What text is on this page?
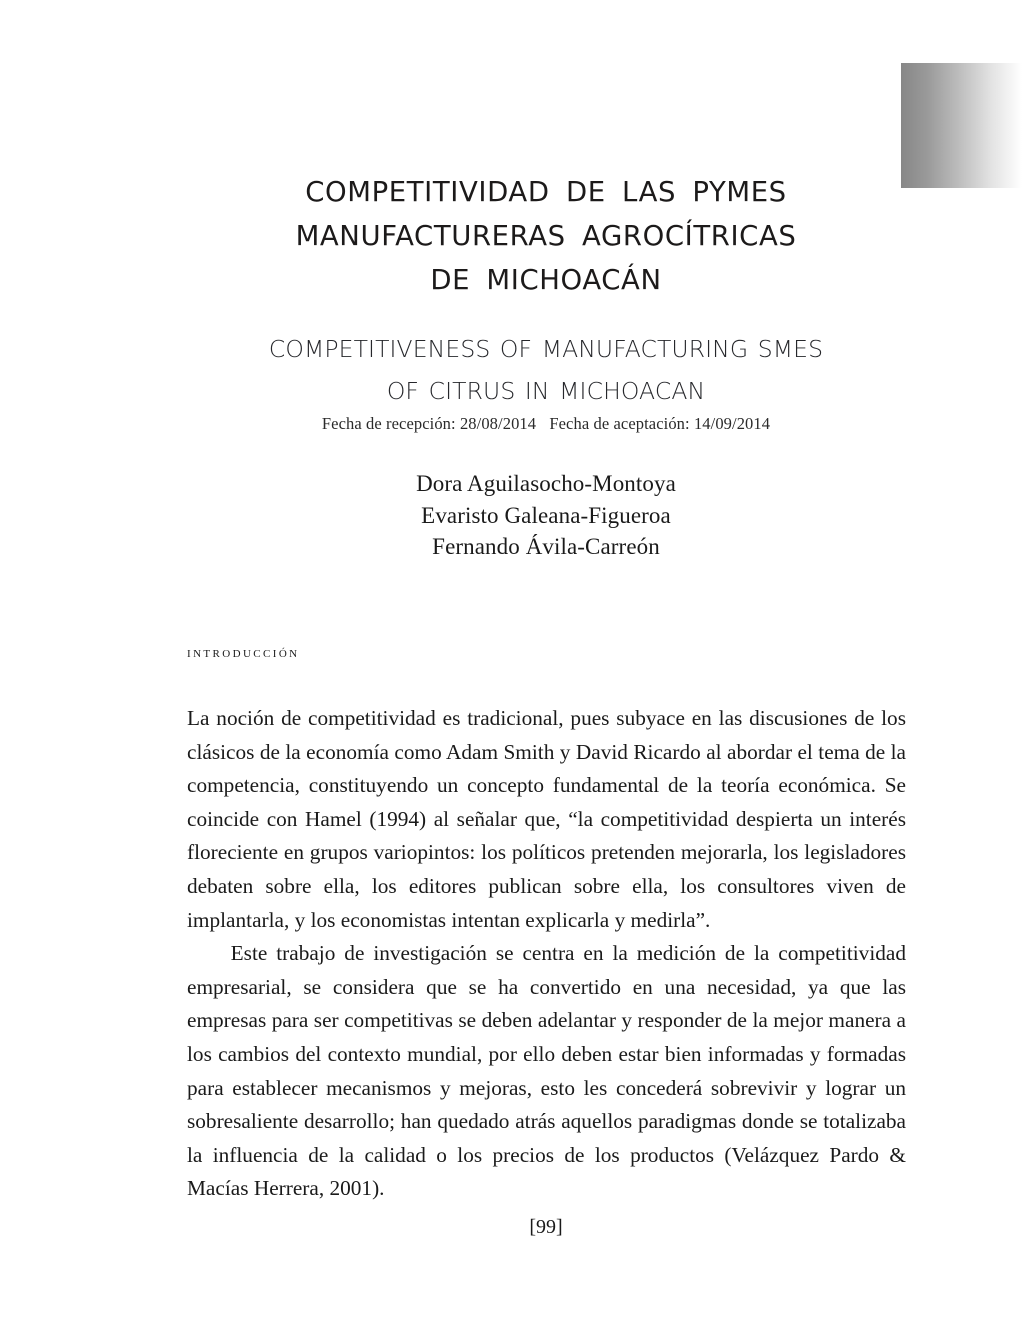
COMPETITIVIDAD DE LAS PYMES
MANUFACTURERAS AGROCÍTRICAS
DE MICHOACÁN
COMPETITIVENESS OF MANUFACTURING SMES
OF CITRUS IN MICHOACAN
Fecha de recepción: 28/08/2014 Fecha de aceptación: 14/09/2014
Dora Aguilasocho-Montoya
Evaristo Galeana-Figueroa
Fernando Ávila-Carreón
introducción

La noción de competitividad es tradicional, pues subyace en las discusiones de los clásicos de la economía como Adam Smith y David Ricardo al abordar el tema de la competencia, constituyendo un concepto fundamental de la teoría económica. Se coincide con Hamel (1994) al señalar que, “la competitividad despierta un interés floreciente en grupos variopintos: los políticos pretenden mejorarla, los legisladores debaten sobre ella, los editores publican sobre ella, los consultores viven de implantarla, y los economistas intentan explicarla y medirla”.

Este trabajo de investigación se centra en la medición de la competitividad empresarial, se considera que se ha convertido en una necesidad, ya que las empresas para ser competitivas se deben adelantar y responder de la mejor manera a los cambios del contexto mundial, por ello deben estar bien informadas y formadas para establecer mecanismos y mejoras, esto les concederá sobrevivir y lograr un sobresaliente desarrollo; han quedado atrás aquellos paradigmas donde se totalizaba la influencia de la calidad o los precios de los productos (Velázquez Pardo & Macías Herrera, 2001).

[99]
